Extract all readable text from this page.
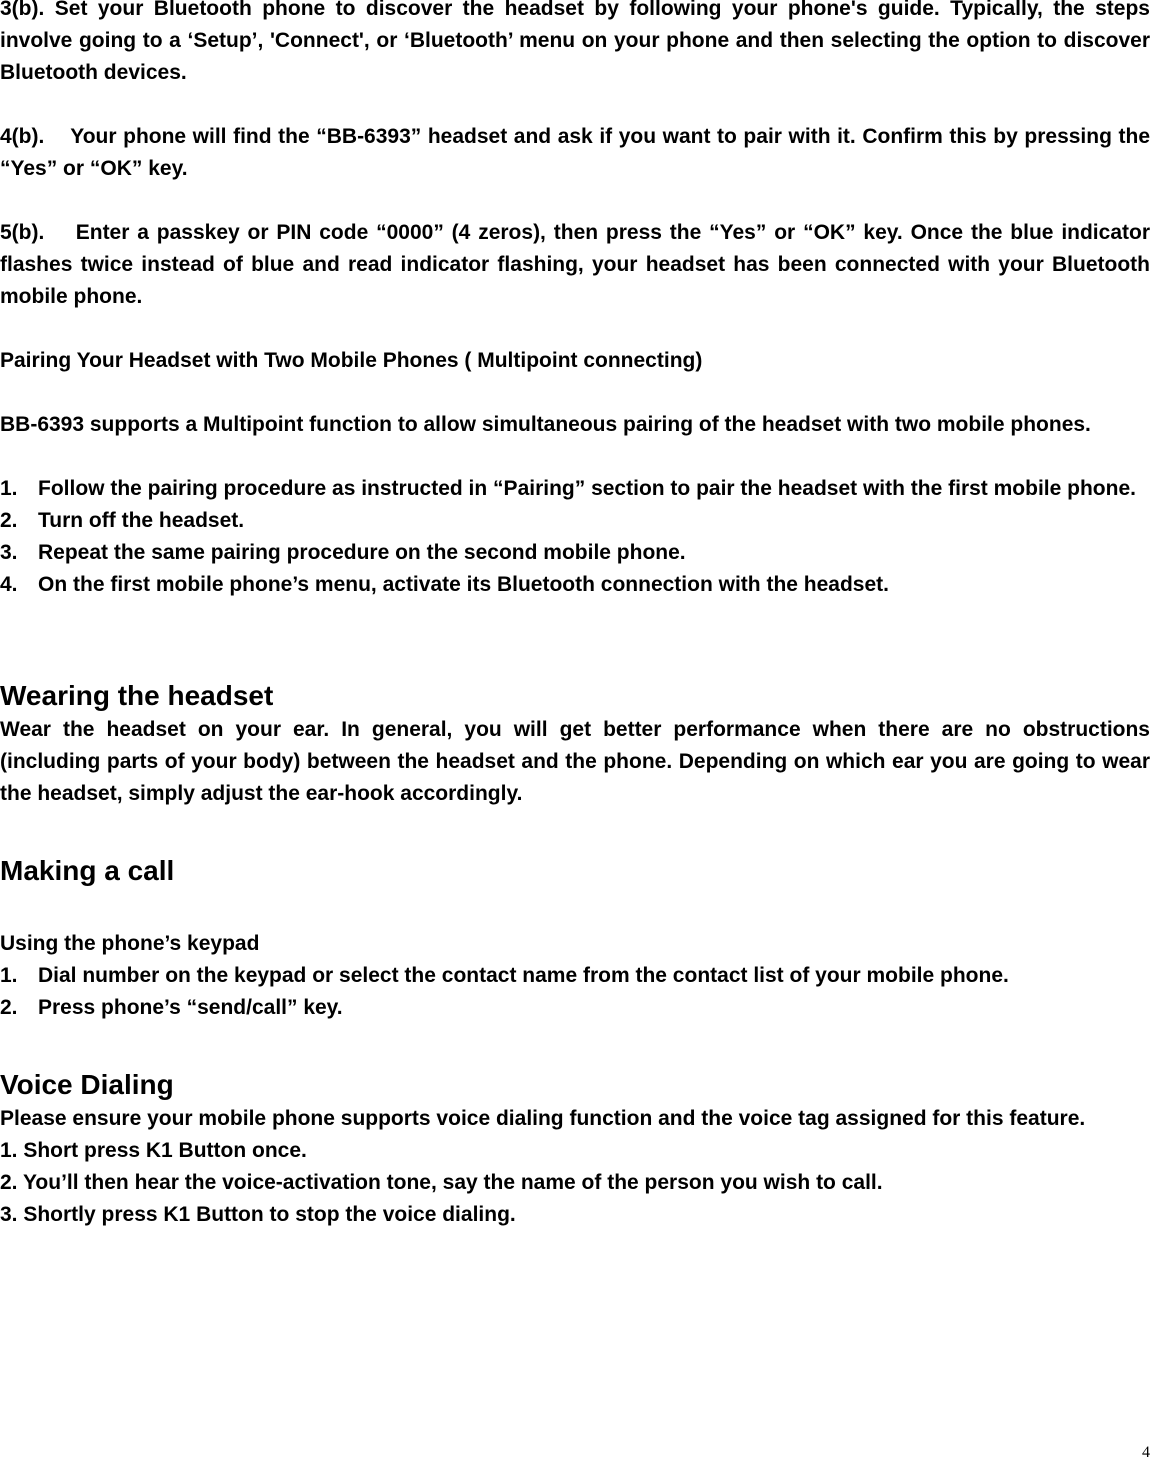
3(b). Set your Bluetooth phone to discover the headset by following your phone's guide. Typically, the steps involve going to a ‘Setup’, 'Connect', or ‘Bluetooth’ menu on your phone and then selecting the option to discover Bluetooth devices.

4(b). Your phone will find the “BB-6393” headset and ask if you want to pair with it. Confirm this by pressing the “Yes” or “OK” key.

5(b). Enter a passkey or PIN code “0000” (4 zeros), then press the “Yes” or “OK” key. Once the blue indicator flashes twice instead of blue and read indicator flashing, your headset has been connected with your Bluetooth mobile phone.

Pairing Your Headset with Two Mobile Phones ( Multipoint connecting)

BB-6393 supports a Multipoint function to allow simultaneous pairing of the headset with two mobile phones.

1. Follow the pairing procedure as instructed in “Pairing” section to pair the headset with the first mobile phone.
2. Turn off the headset.
3. Repeat the same pairing procedure on the second mobile phone.
4. On the first mobile phone’s menu, activate its Bluetooth connection with the headset.
Wearing the headset

Wear the headset on your ear. In general, you will get better performance when there are no obstructions (including parts of your body) between the headset and the phone. Depending on which ear you are going to wear the headset, simply adjust the ear-hook accordingly.

Making a call

Using the phone’s keypad

1. Dial number on the keypad or select the contact name from the contact list of your mobile phone.
2. Press phone’s “send/call” key.
Voice Dialing

Please ensure your mobile phone supports voice dialing function and the voice tag assigned for this feature.

1. Short press K1 Button once.

2. You’ll then hear the voice-activation tone, say the name of the person you wish to call.

3. Shortly press K1 Button to stop the voice dialing.

4
